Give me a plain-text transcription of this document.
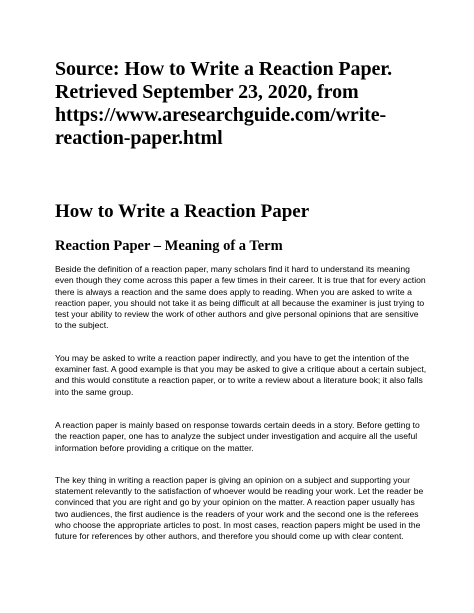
Source: How to Write a Reaction Paper. Retrieved September 23, 2020, from https://www.aresearchguide.com/write-reaction-paper.html

How to Write a Reaction Paper
Reaction Paper – Meaning of a Term

Beside the definition of a reaction paper, many scholars find it hard to understand its meaning even though they come across this paper a few times in their career. It is true that for every action there is always a reaction and the same does apply to reading. When you are asked to write a reaction paper, you should not take it as being difficult at all because the examiner is just trying to test your ability to review the work of other authors and give personal opinions that are sensitive to the subject.

You may be asked to write a reaction paper indirectly, and you have to get the intention of the examiner fast. A good example is that you may be asked to give a critique about a certain subject, and this would constitute a reaction paper, or to write a review about a literature book; it also falls into the same group.

A reaction paper is mainly based on response towards certain deeds in a story. Before getting to the reaction paper, one has to analyze the subject under investigation and acquire all the useful information before providing a critique on the matter.

The key thing in writing a reaction paper is giving an opinion on a subject and supporting your statement relevantly to the satisfaction of whoever would be reading your work. Let the reader be convinced that you are right and go by your opinion on the matter. A reaction paper usually has two audiences, the first audience is the readers of your work and the second one is the referees who choose the appropriate articles to post. In most cases, reaction papers might be used in the future for references by other authors, and therefore you should come up with clear content.
